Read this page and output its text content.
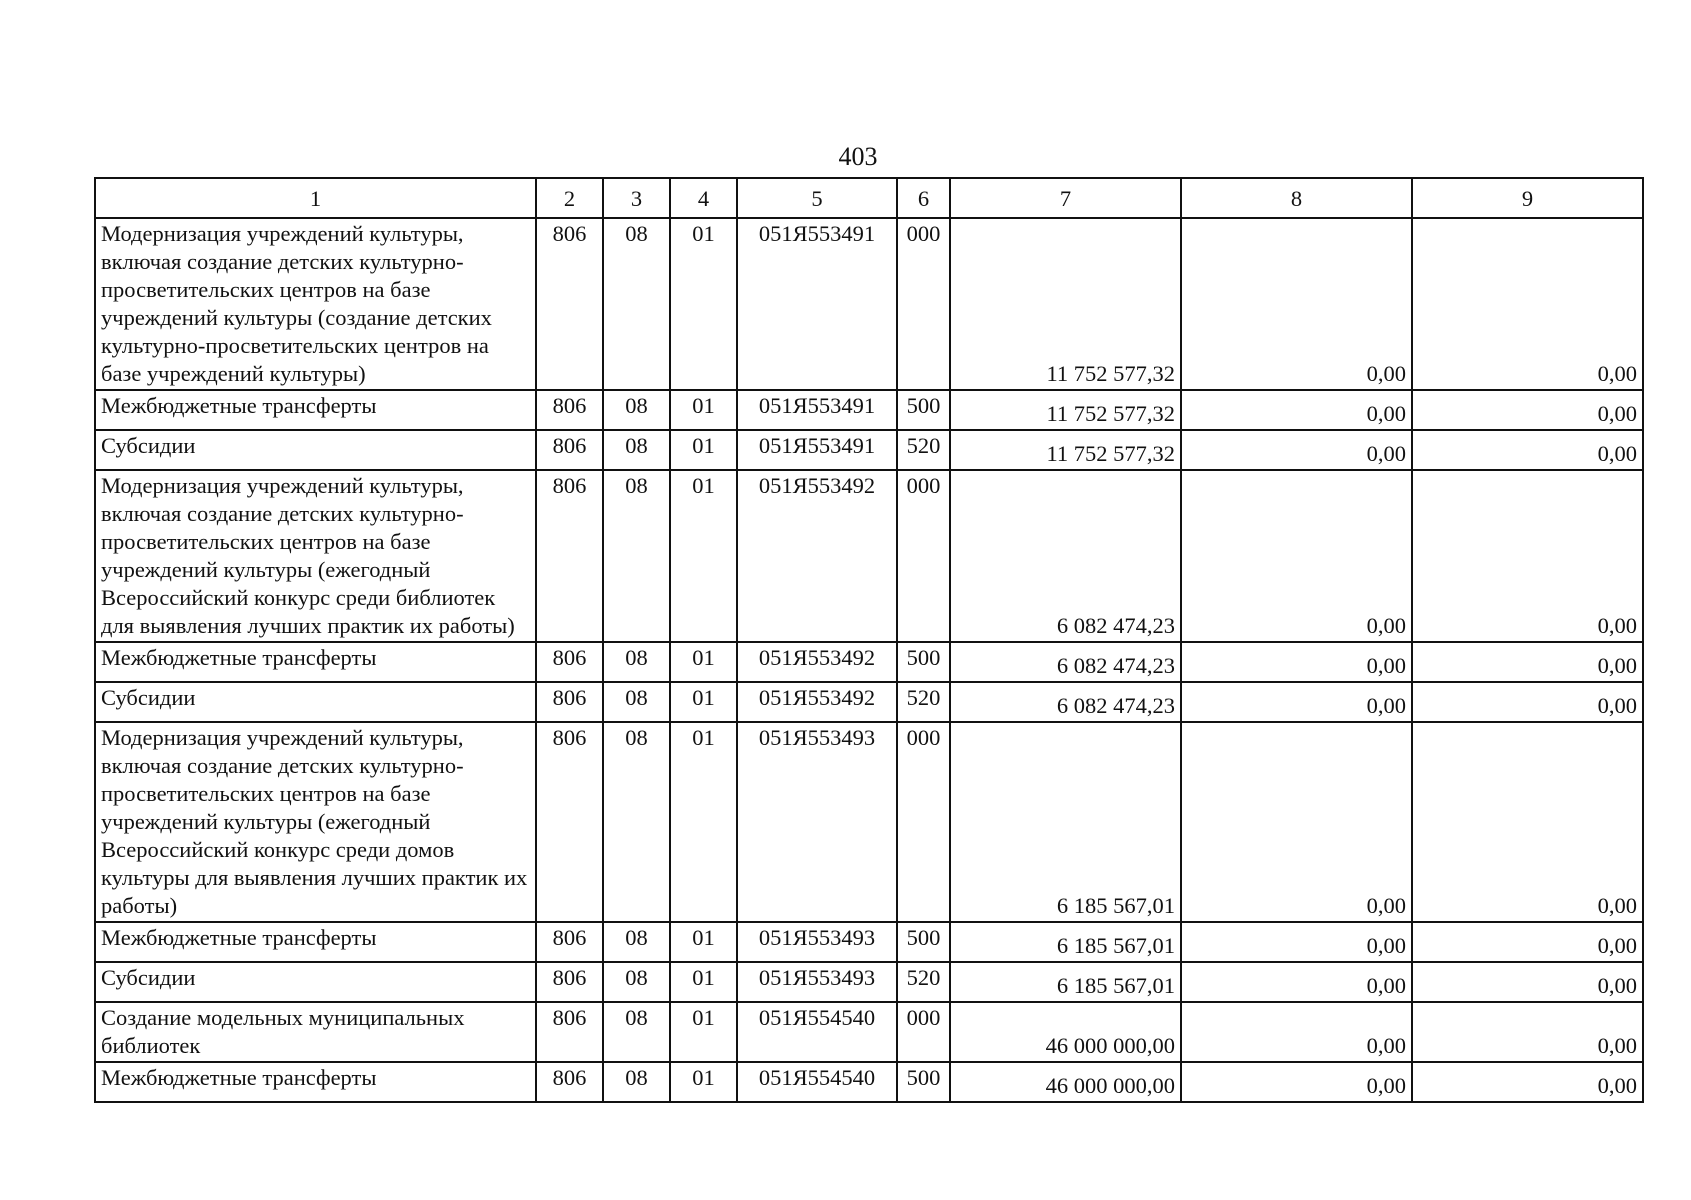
403
1	2	3	4	5	6	7	8	9
Модернизация учреждений культуры, включая создание детских культурно-просветительских центров на базе учреждений культуры (создание детских культурно-просветительских центров на базе учреждений культуры)	806	08	01	051Я553491	000	11 752 577,32	0,00	0,00
Межбюджетные трансферты	806	08	01	051Я553491	500	11 752 577,32	0,00	0,00
Субсидии	806	08	01	051Я553491	520	11 752 577,32	0,00	0,00
Модернизация учреждений культуры, включая создание детских культурно-просветительских центров на базе учреждений культуры (ежегодный Всероссийский конкурс среди библиотек для выявления лучших практик их работы)	806	08	01	051Я553492	000	6 082 474,23	0,00	0,00
Межбюджетные трансферты	806	08	01	051Я553492	500	6 082 474,23	0,00	0,00
Субсидии	806	08	01	051Я553492	520	6 082 474,23	0,00	0,00
Модернизация учреждений культуры, включая создание детских культурно-просветительских центров на базе учреждений культуры (ежегодный Всероссийский конкурс среди домов культуры для выявления лучших практик их работы)	806	08	01	051Я553493	000	6 185 567,01	0,00	0,00
Межбюджетные трансферты	806	08	01	051Я553493	500	6 185 567,01	0,00	0,00
Субсидии	806	08	01	051Я553493	520	6 185 567,01	0,00	0,00
Создание модельных муниципальных библиотек	806	08	01	051Я554540	000	46 000 000,00	0,00	0,00
Межбюджетные трансферты	806	08	01	051Я554540	500	46 000 000,00	0,00	0,00
